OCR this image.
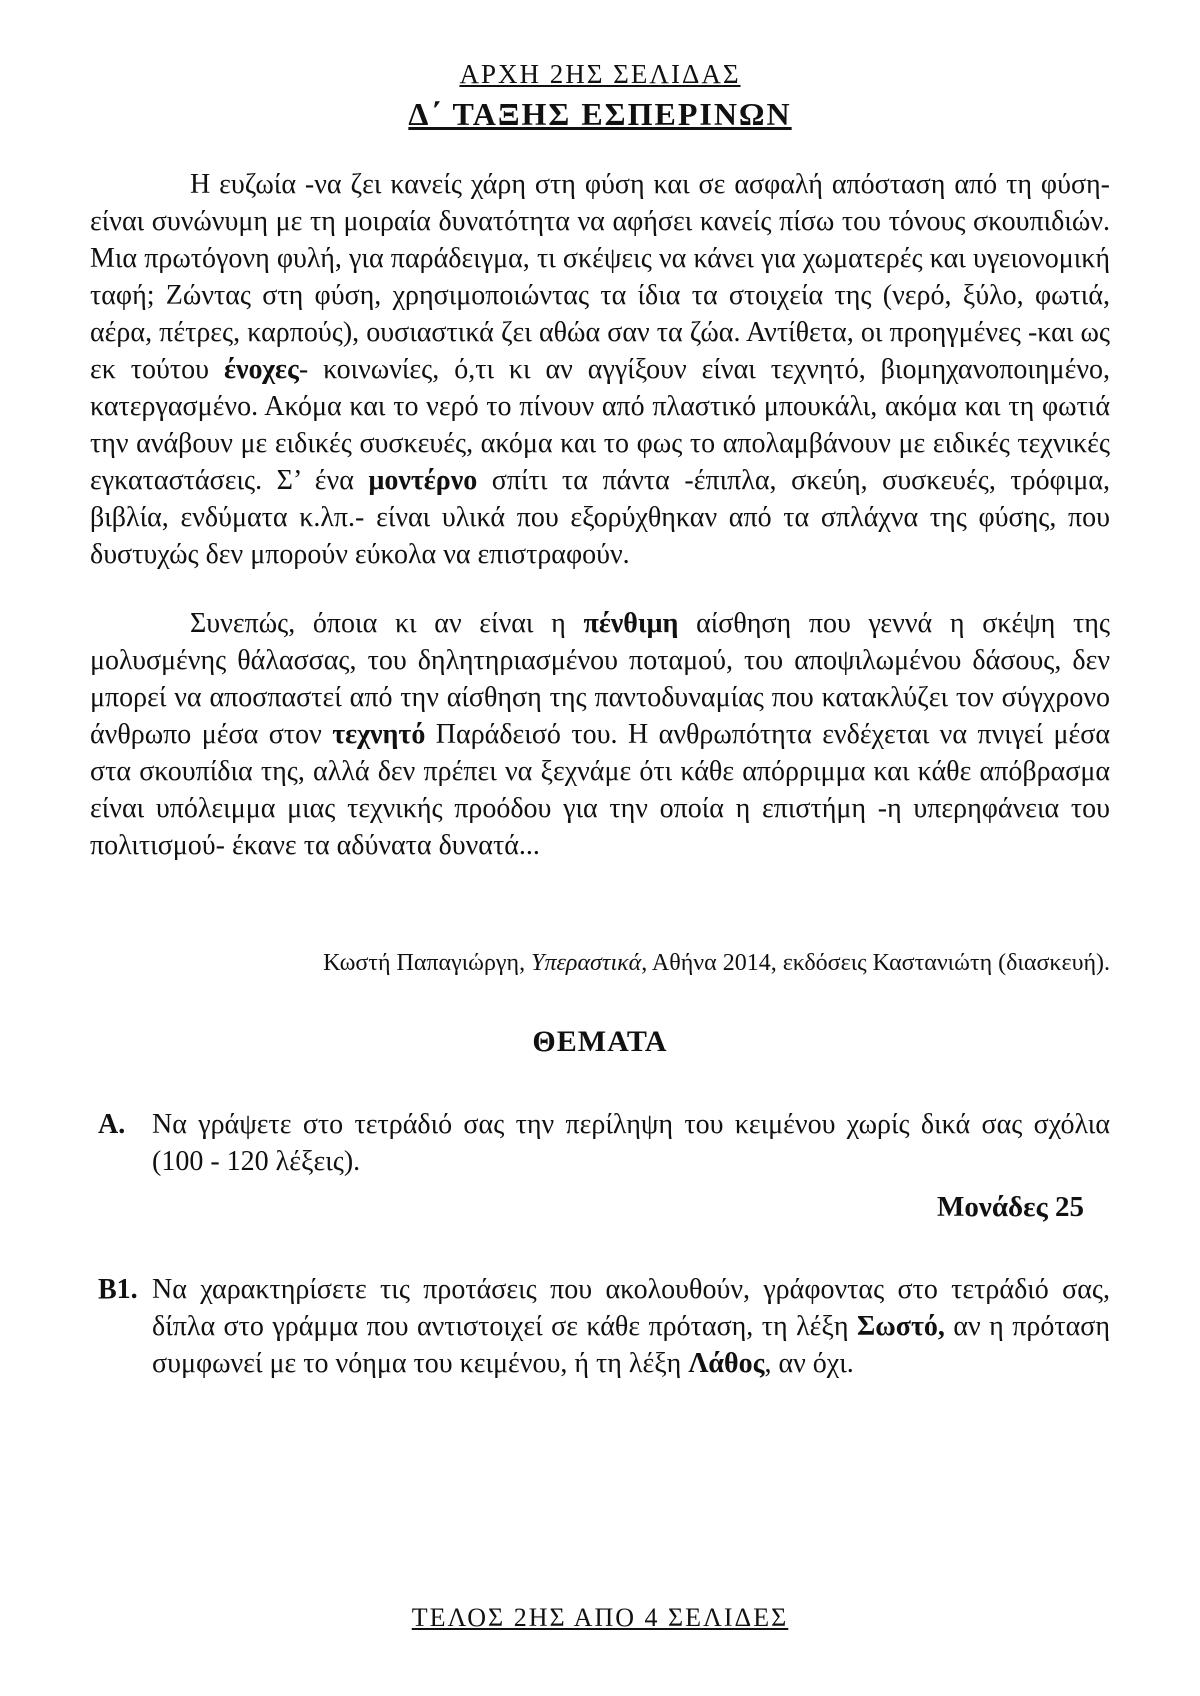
ΑΡΧΗ 2ΗΣ ΣΕΛΙΔΑΣ
Δ΄ ΤΑΞΗΣ ΕΣΠΕΡΙΝΩΝ

Η ευζωία -να ζει κανείς χάρη στη φύση και σε ασφαλή απόσταση από τη φύση- είναι συνώνυμη με τη μοιραία δυνατότητα να αφήσει κανείς πίσω του τόνους σκουπιδιών. Μια πρωτόγονη φυλή, για παράδειγμα, τι σκέψεις να κάνει για χωματερές και υγειονομική ταφή; Ζώντας στη φύση, χρησιμοποιώντας τα ίδια τα στοιχεία της (νερό, ξύλο, φωτιά, αέρα, πέτρες, καρπούς), ουσιαστικά ζει αθώα σαν τα ζώα. Αντίθετα, οι προηγμένες -και ως εκ τούτου ένοχες- κοινωνίες, ό,τι κι αν αγγίξουν είναι τεχνητό, βιομηχανοποιημένο, κατεργασμένο. Ακόμα και το νερό το πίνουν από πλαστικό μπουκάλι, ακόμα και τη φωτιά την ανάβουν με ειδικές συσκευές, ακόμα και το φως το απολαμβάνουν με ειδικές τεχνικές εγκαταστάσεις. Σ’ ένα μοντέρνο σπίτι τα πάντα -έπιπλα, σκεύη, συσκευές, τρόφιμα, βιβλία, ενδύματα κ.λπ.- είναι υλικά που εξορύχθηκαν από τα σπλάχνα της φύσης, που δυστυχώς δεν μπορούν εύκολα να επιστραφούν.

Συνεπώς, όποια κι αν είναι η πένθιμη αίσθηση που γεννά η σκέψη της μολυσμένης θάλασσας, του δηλητηριασμένου ποταμού, του αποψιλωμένου δάσους, δεν μπορεί να αποσπαστεί από την αίσθηση της παντοδυναμίας που κατακλύζει τον σύγχρονο άνθρωπο μέσα στον τεχνητό Παράδεισό του. Η ανθρωπότητα ενδέχεται να πνιγεί μέσα στα σκουπίδια της, αλλά δεν πρέπει να ξεχνάμε ότι κάθε απόρριμμα και κάθε απόβρασμα είναι υπόλειμμα μιας τεχνικής προόδου για την οποία η επιστήμη -η υπερηφάνεια του πολιτισμού- έκανε τα αδύνατα δυνατά...

Κωστή Παπαγιώργη, Υπεραστικά, Αθήνα 2014, εκδόσεις Καστανιώτη (διασκευή).
ΘΕΜΑΤΑ
Α. Να γράψετε στο τετράδιό σας την περίληψη του κειμένου χωρίς δικά σας σχόλια (100 - 120 λέξεις).
Μονάδες 25
Β1. Να χαρακτηρίσετε τις προτάσεις που ακολουθούν, γράφοντας στο τετράδιό σας, δίπλα στο γράμμα που αντιστοιχεί σε κάθε πρόταση, τη λέξη Σωστό, αν η πρόταση συμφωνεί με το νόημα του κειμένου, ή τη λέξη Λάθος, αν όχι.
ΤΕΛΟΣ 2ΗΣ ΑΠΟ 4 ΣΕΛΙΔΕΣ
